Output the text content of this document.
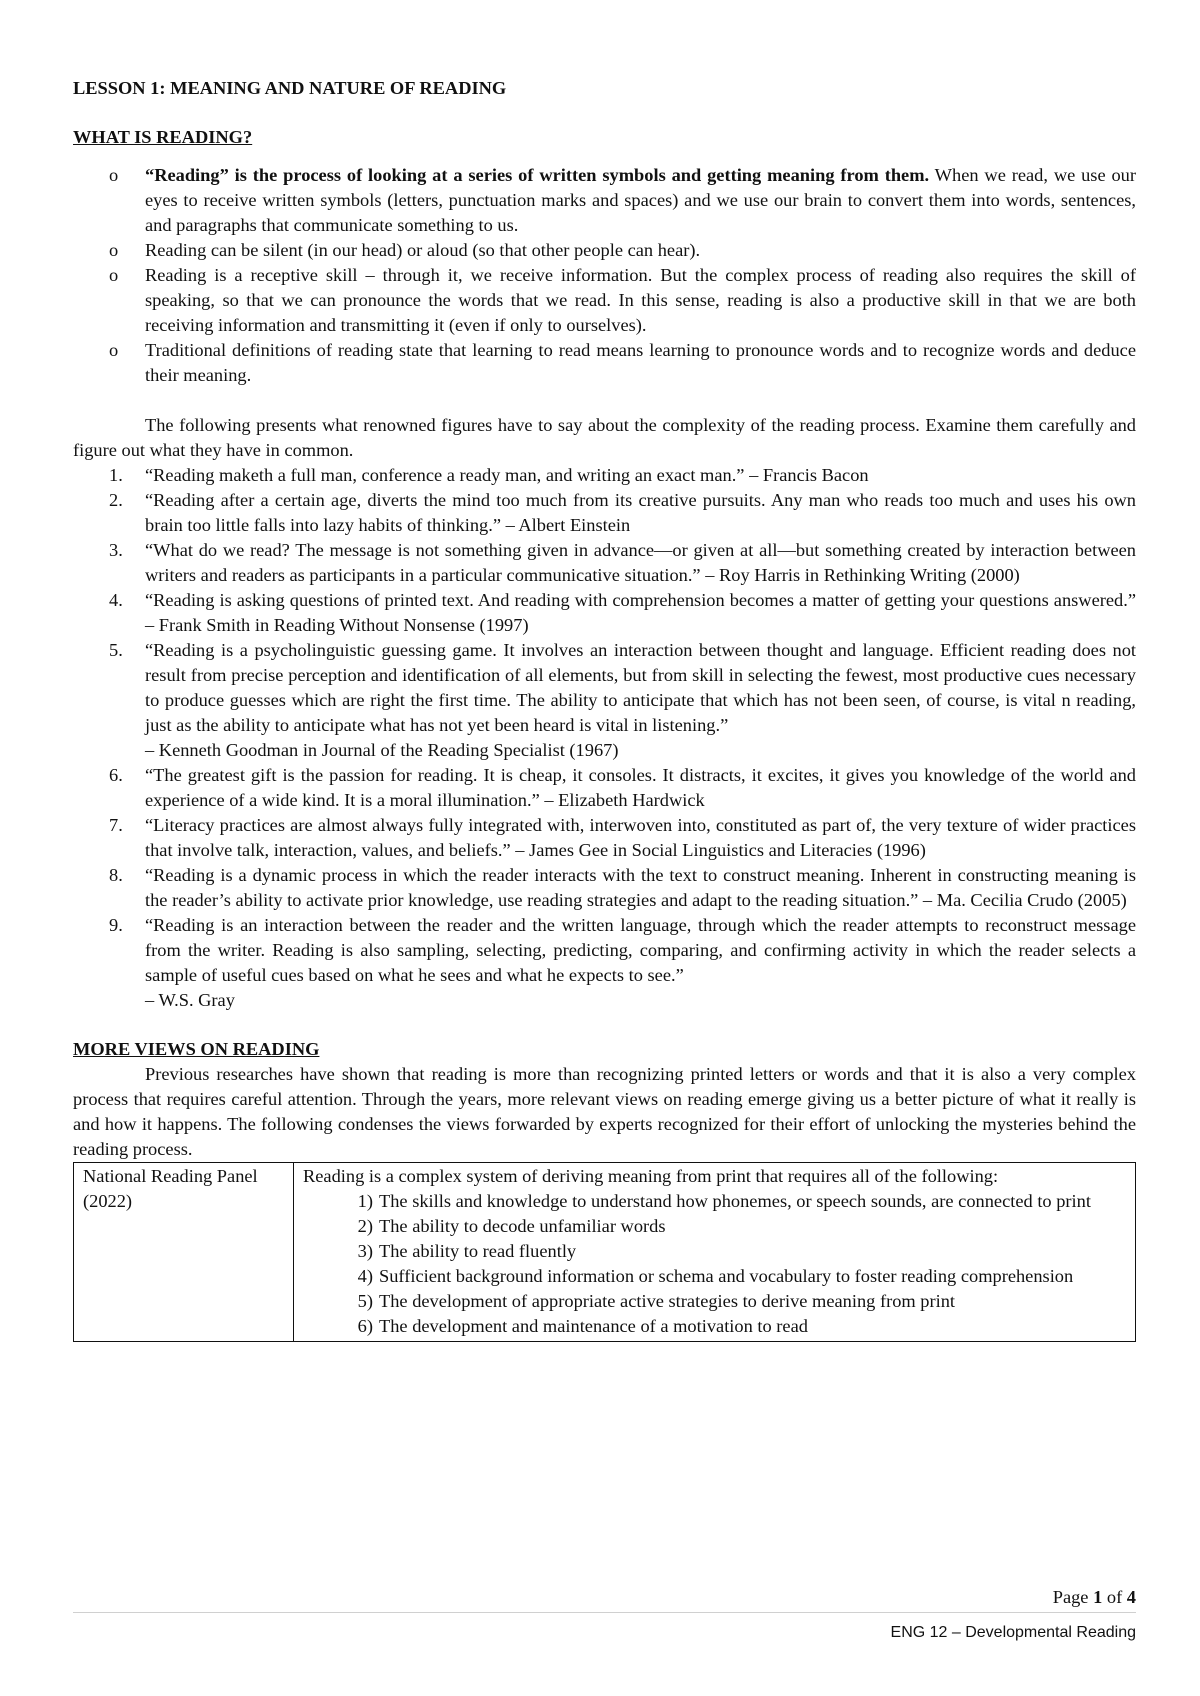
LESSON 1: MEANING AND NATURE OF READING

WHAT IS READING?

o “Reading” is the process of looking at a series of written symbols and getting meaning from them. When we read, we use our eyes to receive written symbols (letters, punctuation marks and spaces) and we use our brain to convert them into words, sentences, and paragraphs that communicate something to us.
o Reading can be silent (in our head) or aloud (so that other people can hear).
o Reading is a receptive skill – through it, we receive information. But the complex process of reading also requires the skill of speaking, so that we can pronounce the words that we read. In this sense, reading is also a productive skill in that we are both receiving information and transmitting it (even if only to ourselves).
o Traditional definitions of reading state that learning to read means learning to pronounce words and to recognize words and deduce their meaning.

The following presents what renowned figures have to say about the complexity of the reading process. Examine them carefully and figure out what they have in common.

1. “Reading maketh a full man, conference a ready man, and writing an exact man.” – Francis Bacon
2. “Reading after a certain age, diverts the mind too much from its creative pursuits. Any man who reads too much and uses his own brain too little falls into lazy habits of thinking.” – Albert Einstein
3. “What do we read? The message is not something given in advance—or given at all—but something created by interaction between writers and readers as participants in a particular communicative situation.” – Roy Harris in Rethinking Writing (2000)
4. “Reading is asking questions of printed text. And reading with comprehension becomes a matter of getting your questions answered.” – Frank Smith in Reading Without Nonsense (1997)
5. “Reading is a psycholinguistic guessing game. It involves an interaction between thought and language. Efficient reading does not result from precise perception and identification of all elements, but from skill in selecting the fewest, most productive cues necessary to produce guesses which are right the first time. The ability to anticipate that which has not been seen, of course, is vital n reading, just as the ability to anticipate what has not yet been heard is vital in listening.”
– Kenneth Goodman in Journal of the Reading Specialist (1967)
6. “The greatest gift is the passion for reading. It is cheap, it consoles. It distracts, it excites, it gives you knowledge of the world and experience of a wide kind. It is a moral illumination.” – Elizabeth Hardwick
7. “Literacy practices are almost always fully integrated with, interwoven into, constituted as part of, the very texture of wider practices that involve talk, interaction, values, and beliefs.” – James Gee in Social Linguistics and Literacies (1996)
8. “Reading is a dynamic process in which the reader interacts with the text to construct meaning. Inherent in constructing meaning is the reader’s ability to activate prior knowledge, use reading strategies and adapt to the reading situation.” – Ma. Cecilia Crudo (2005)
9. “Reading is an interaction between the reader and the written language, through which the reader attempts to reconstruct message from the writer. Reading is also sampling, selecting, predicting, comparing, and confirming activity in which the reader selects a sample of useful cues based on what he sees and what he expects to see.”
– W.S. Gray

MORE VIEWS ON READING

Previous researches have shown that reading is more than recognizing printed letters or words and that it is also a very complex process that requires careful attention. Through the years, more relevant views on reading emerge giving us a better picture of what it really is and how it happens. The following condenses the views forwarded by experts recognized for their effort of unlocking the mysteries behind the reading process.

National Reading Panel (2022)	
Reading is a complex system of deriving meaning from print that requires all of the following:
1) The skills and knowledge to understand how phonemes, or speech sounds, are connected to print
2) The ability to decode unfamiliar words
3) The ability to read fluently
4) Sufficient background information or schema and vocabulary to foster reading comprehension
5) The development of appropriate active strategies to derive meaning from print
6) The development and maintenance of a motivation to read
Page 1 of 4
ENG 12 – Developmental Reading
